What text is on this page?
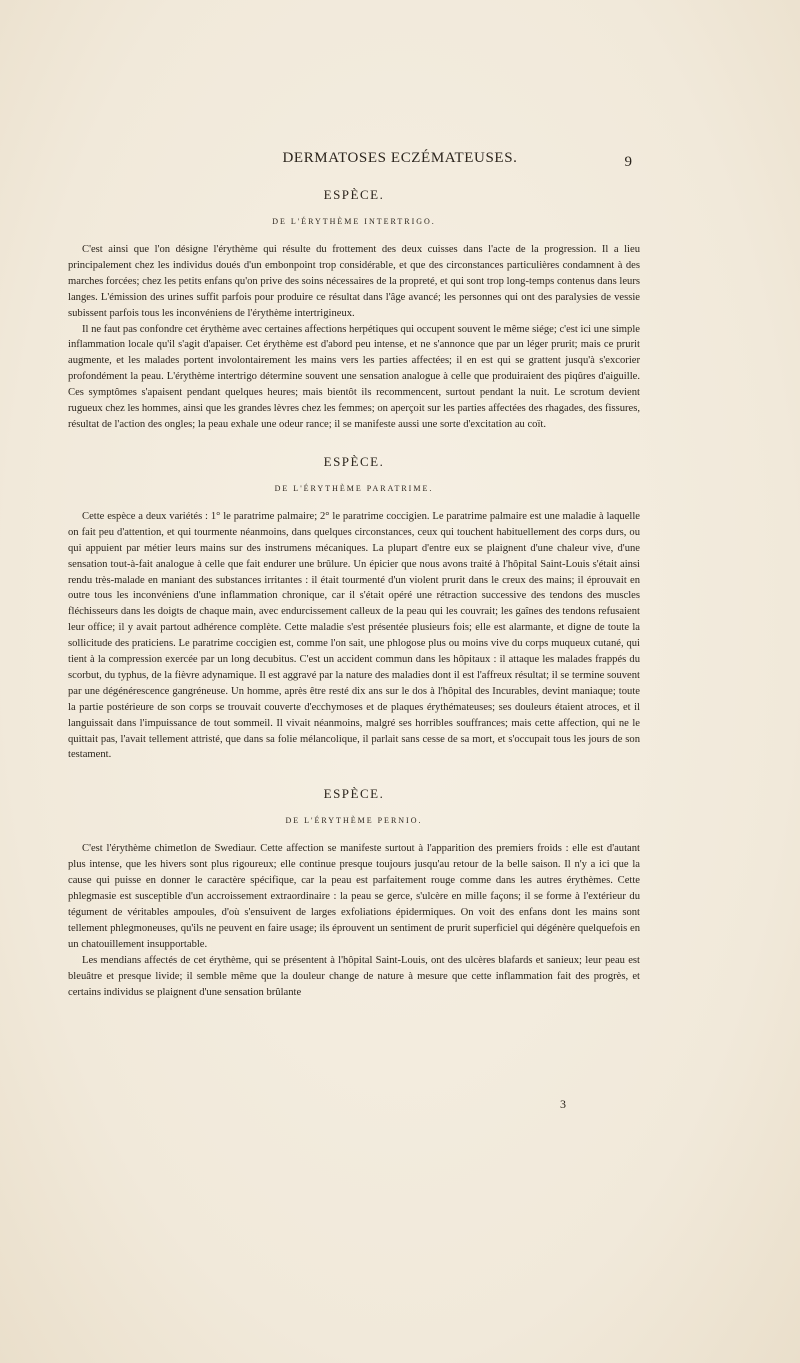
DERMATOSES ECZÉMATEUSES.	9
ESPÈCE.
DE L'ÉRYTHÈME INTERTRIGO.

C'est ainsi que l'on désigne l'érythème qui résulte du frottement des deux cuisses dans l'acte de la progression. Il a lieu principalement chez les individus doués d'un embonpoint trop considérable, et que des circonstances particulières condamnent à des marches forcées; chez les petits enfans qu'on prive des soins nécessaires de la propreté, et qui sont trop long-temps contenus dans leurs langes. L'émission des urines suffit parfois pour produire ce résultat dans l'âge avancé; les personnes qui ont des paralysies de vessie subissent parfois tous les inconvéniens de l'érythème intertrigineux.

Il ne faut pas confondre cet érythème avec certaines affections herpétiques qui occupent souvent le même siége; c'est ici une simple inflammation locale qu'il s'agit d'apaiser. Cet érythème est d'abord peu intense, et ne s'annonce que par un léger prurit; mais ce prurit augmente, et les malades portent involontairement les mains vers les parties affectées; il en est qui se grattent jusqu'à s'excorier profondément la peau. L'érythème intertrigo détermine souvent une sensation analogue à celle que produiraient des piqûres d'aiguille. Ces symptômes s'apaisent pendant quelques heures; mais bientôt ils recommencent, surtout pendant la nuit. Le scrotum devient rugueux chez les hommes, ainsi que les grandes lèvres chez les femmes; on aperçoit sur les parties affectées des rhagades, des fissures, résultat de l'action des ongles; la peau exhale une odeur rance; il se manifeste aussi une sorte d'excitation au coït.

ESPÈCE.
DE L'ÉRYTHÈME PARATRIME.

Cette espèce a deux variétés : 1° le paratrime palmaire; 2° le paratrime coccigien. Le paratrime palmaire est une maladie à laquelle on fait peu d'attention, et qui tourmente néanmoins, dans quelques circonstances, ceux qui touchent habituellement des corps durs, ou qui appuient par métier leurs mains sur des instrumens mécaniques. La plupart d'entre eux se plaignent d'une chaleur vive, d'une sensation tout-à-fait analogue à celle que fait endurer une brûlure. Un épicier que nous avons traité à l'hôpital Saint-Louis s'était ainsi rendu très-malade en maniant des substances irritantes : il était tourmenté d'un violent prurit dans le creux des mains; il éprouvait en outre tous les inconvéniens d'une inflammation chronique, car il s'était opéré une rétraction successive des tendons des muscles fléchisseurs dans les doigts de chaque main, avec endurcissement calleux de la peau qui les couvrait; les gaînes des tendons refusaient leur office; il y avait partout adhérence complète. Cette maladie s'est présentée plusieurs fois; elle est alarmante, et digne de toute la sollicitude des praticiens. Le paratrime coccigien est, comme l'on sait, une phlogose plus ou moins vive du corps muqueux cutané, qui tient à la compression exercée par un long decubitus. C'est un accident commun dans les hôpitaux : il attaque les malades frappés du scorbut, du typhus, de la fièvre adynamique. Il est aggravé par la nature des maladies dont il est l'affreux résultat; il se termine souvent par une dégénérescence gangréneuse. Un homme, après être resté dix ans sur le dos à l'hôpital des Incurables, devint maniaque; toute la partie postérieure de son corps se trouvait couverte d'ecchymoses et de plaques érythémateuses; ses douleurs étaient atroces, et il languissait dans l'impuissance de tout sommeil. Il vivait néanmoins, malgré ses horribles souffrances; mais cette affection, qui ne le quittait pas, l'avait tellement attristé, que dans sa folie mélancolique, il parlait sans cesse de sa mort, et s'occupait tous les jours de son testament.

ESPÈCE.
DE L'ÉRYTHÈME PERNIO.

C'est l'érythème chimetlon de Swediaur. Cette affection se manifeste surtout à l'apparition des premiers froids : elle est d'autant plus intense, que les hivers sont plus rigoureux; elle continue presque toujours jusqu'au retour de la belle saison. Il n'y a ici que la cause qui puisse en donner le caractère spécifique, car la peau est parfaitement rouge comme dans les autres érythèmes. Cette phlegmasie est susceptible d'un accroissement extraordinaire : la peau se gerce, s'ulcère en mille façons; il se forme à l'extérieur du tégument de véritables ampoules, d'où s'ensuivent de larges exfoliations épidermiques. On voit des enfans dont les mains sont tellement phlegmoneuses, qu'ils ne peuvent en faire usage; ils éprouvent un sentiment de prurit superficiel qui dégénère quelquefois en un chatouillement insupportable.

Les mendians affectés de cet érythème, qui se présentent à l'hôpital Saint-Louis, ont des ulcères blafards et sanieux; leur peau est bleuâtre et presque livide; il semble même que la douleur change de nature à mesure que cette inflammation fait des progrès, et certains individus se plaignent d'une sensation brûlante

3
